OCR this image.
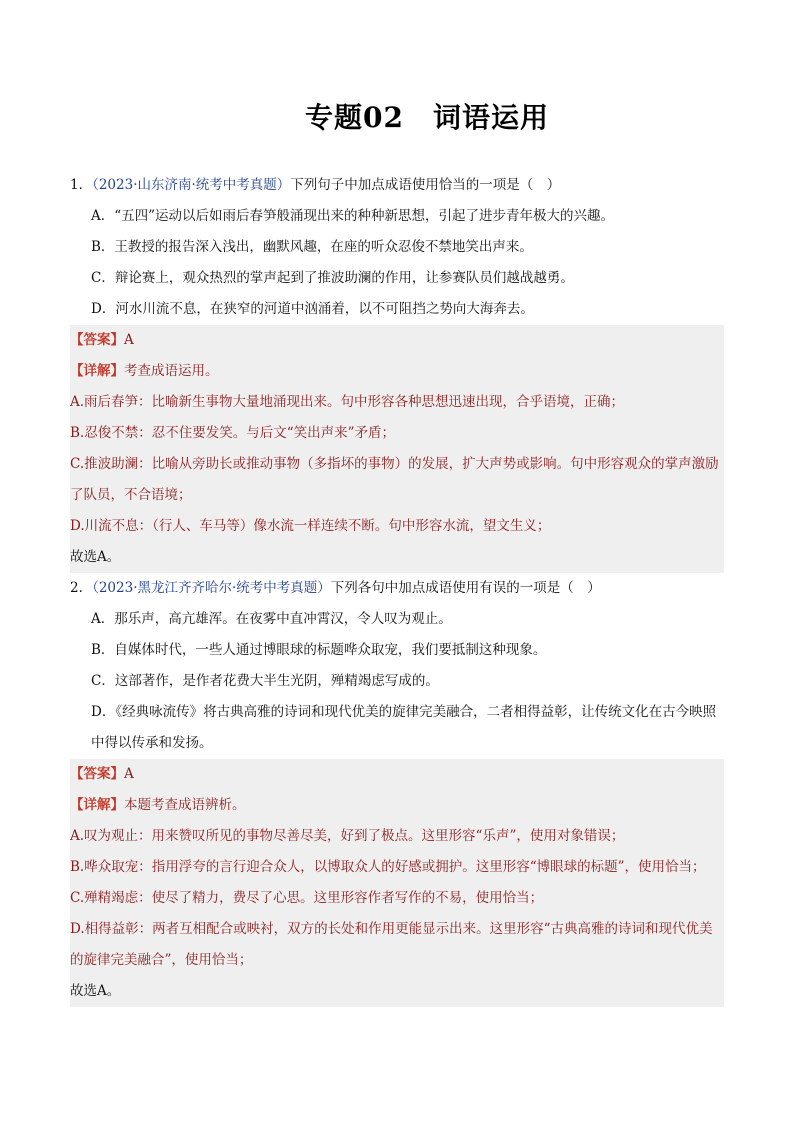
专题02　词语运用
1．（2023·山东济南·统考中考真题）下列句子中加点成语使用恰当的一项是（　）
A．“五四”运动以后如雨后春笋般涌现出来的种种新思想，引起了进步青年极大的兴趣。
B．王教授的报告深入浅出，幽默风趣，在座的听众忍俊不禁地笑出声来。
C．辩论赛上，观众热烈的掌声起到了推波助澜的作用，让参赛队员们越战越勇。
D．河水川流不息，在狭窄的河道中汹涌着，以不可阻挡之势向大海奔去。
【答案】A
【详解】考查成语运用。
A.雨后春笋：比喻新生事物大量地涌现出来。句中形容各种思想迅速出现，合乎语境，正确；
B.忍俊不禁：忍不住要发笑。与后文“笑出声来”矛盾；
C.推波助澜：比喻从旁助长或推动事物（多指坏的事物）的发展，扩大声势或影响。句中形容观众的掌声激励了队员，不合语境；
D.川流不息：（行人、车马等）像水流一样连续不断。句中形容水流，望文生义；
故选A。
2．（2023·黑龙江齐齐哈尔·统考中考真题）下列各句中加点成语使用有误的一项是（　）
A．那乐声，高亢雄浑。在夜雾中直冲霄汉，令人叹为观止。
B．自媒体时代，一些人通过博眼球的标题哗众取宠，我们要抵制这种现象。
C．这部著作，是作者花费大半生光阴，殚精竭虑写成的。
D．《经典咏流传》将古典高雅的诗词和现代优美的旋律完美融合，二者相得益彰，让传统文化在古今映照中得以传承和发扬。
【答案】A
【详解】本题考查成语辨析。
A.叹为观止：用来赞叹所见的事物尽善尽美，好到了极点。这里形容“乐声”，使用对象错误；
B.哗众取宠：指用浮夸的言行迎合众人，以博取众人的好感或拥护。这里形容“博眼球的标题”，使用恰当；
C.殚精竭虑：使尽了精力，费尽了心思。这里形容作者写作的不易，使用恰当；
D.相得益彰：两者互相配合或映衬，双方的长处和作用更能显示出来。这里形容“古典高雅的诗词和现代优美的旋律完美融合”，使用恰当；
故选A。
